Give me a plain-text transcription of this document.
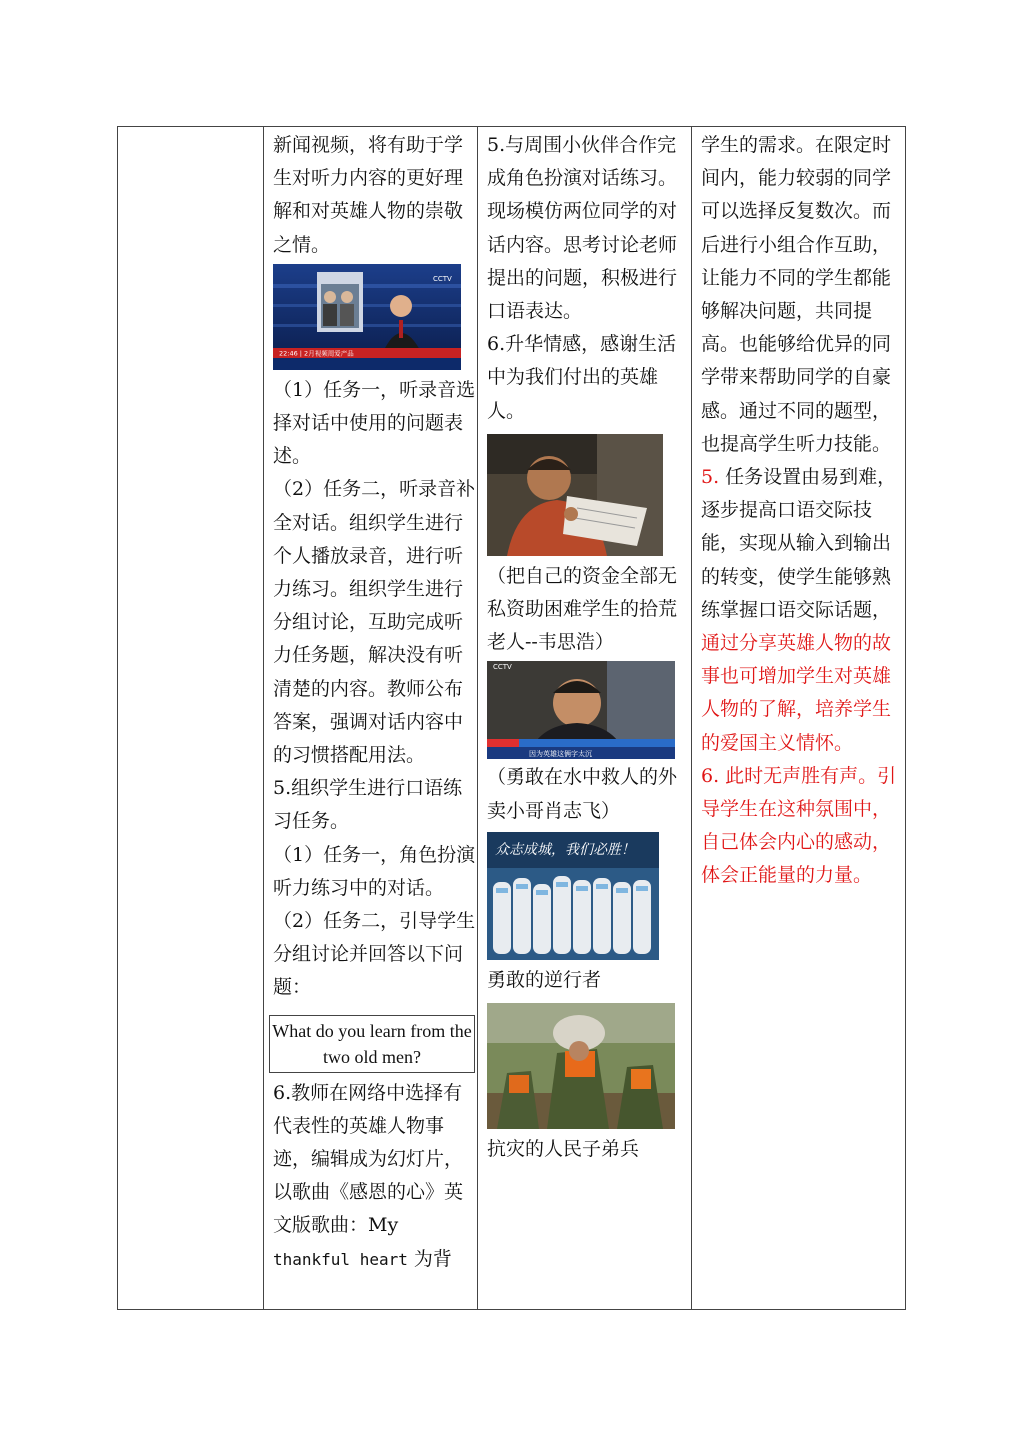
新闻视频，将有助于学生对听力内容的更好理解和对英雄人物的崇敬之情。

CCTV
22:46 | 2月视频周爱产品

（1）任务一，听录音选择对话中使用的问题表述。

（2）任务二，听录音补全对话。组织学生进行个人播放录音，进行听力练习。组织学生进行分组讨论，互助完成听力任务题，解决没有听清楚的内容。教师公布答案，强调对话内容中的习惯搭配用法。

5.组织学生进行口语练习任务。

（1）任务一，角色扮演听力练习中的对话。

（2）任务二，引导学生分组讨论并回答以下问题：

What do you learn from the two old men?

6.教师在网络中选择有代表性的英雄人物事迹，编辑成为幻灯片，以歌曲《感恩的心》英文版歌曲：My
thankful heart 为背

5.与周围小伙伴合作完成角色扮演对话练习。现场模仿两位同学的对话内容。思考讨论老师提出的问题，积极进行口语表达。

6.升华情感，感谢生活中为我们付出的英雄人。

（把自己的资金全部无私资助困难学生的拾荒老人--韦思浩）

CCTV
因为英雄这俩字太沉

（勇敢在水中救人的外卖小哥肖志飞）

众志成城，我们必胜！

勇敢的逆行者

抗灾的人民子弟兵

学生的需求。在限定时间内，能力较弱的同学可以选择反复数次。而后进行小组合作互助，让能力不同的学生都能够解决问题，共同提高。也能够给优异的同学带来帮助同学的自豪感。通过不同的题型，也提高学生听力技能。

5. 任务设置由易到难，逐步提高口语交际技能，实现从输入到输出的转变，使学生能够熟练掌握口语交际话题，通过分享英雄人物的故事也可增加学生对英雄人物的了解，培养学生的爱国主义情怀。

6. 此时无声胜有声。引导学生在这种氛围中，自己体会内心的感动，体会正能量的力量。
